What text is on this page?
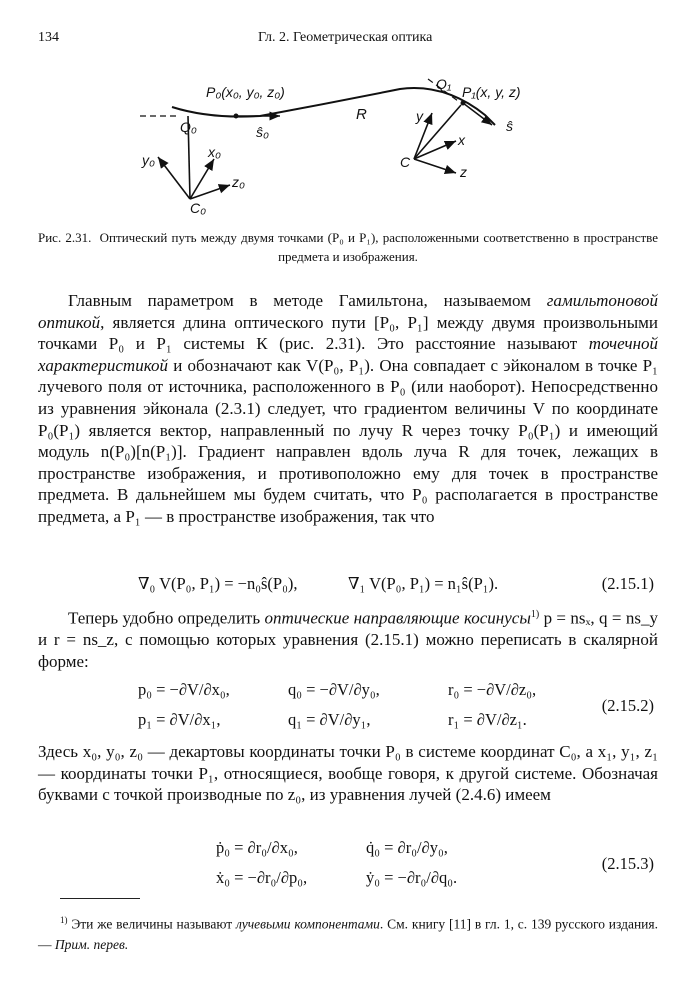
134	Гл. 2. Геометрическая оптика
P₀(x₀, y₀, z₀)
Q₀	ŝ₀
R
Q₁ P₁(x, y, z)
ŝ
y₀	x₀
z₀
C₀
y
x
z
C
Рис. 2.31. Оптический путь между двумя точками (P₀ и P₁), расположенными соответственно в пространстве предмета и изображения.

Главным параметром в методе Гамильтона, называемом гамильтоновой оптикой, является длина оптического пути [P₀, P₁] между двумя произвольными точками P₀ и P₁ системы К (рис. 2.31). Это расстояние называют точечной характеристикой и обозначают как V(P₀, P₁). Она совпадает с эйконалом в точке P₁ лучевого поля от источника, расположенного в P₀ (или наоборот). Непосредственно из уравнения эйконала (2.3.1) следует, что градиентом величины V по координате P₀(P₁) является вектор, направленный по лучу R через точку P₀(P₁) и имеющий модуль n(P₀)[n(P₁)]. Градиент направлен вдоль луча R для точек, лежащих в пространстве изображения, и противоположно ему для точек в пространстве предмета. В дальнейшем мы будем считать, что P₀ располагается в пространстве предмета, а P₁ — в пространстве изображения, так что

∇₀ V(P₀, P₁) = −n₀ŝ(P₀),	∇₁ V(P₀, P₁) = n₁ŝ(P₁).	(2.15.1)

Теперь удобно определить оптические направляющие косинусы$^{1)}$ p = nsₓ, q = ns_y и r = ns_z, с помощью которых уравнения (2.15.1) можно переписать в скалярной форме:

p₀ = −∂V/∂x₀,	q₀ = −∂V/∂y₀,	r₀ = −∂V/∂z₀,
p₁ = ∂V/∂x₁,	q₁ = ∂V/∂y₁,	r₁ = ∂V/∂z₁.
(2.15.2)

Здесь x₀, y₀, z₀ — декартовы координаты точки P₀ в системе координат C₀, а x₁, y₁, z₁ — координаты точки P₁, относящиеся, вообще говоря, к другой системе. Обозначая буквами с точкой производные по z₀, из уравнения лучей (2.4.6) имеем

ṗ₀ = ∂r₀/∂x₀,	q̇₀ = ∂r₀/∂y₀,
ẋ₀ = −∂r₀/∂p₀,	ẏ₀ = −∂r₀/∂q₀.
(2.15.3)
$^{1)}$ Эти же величины называют лучевыми компонентами. См. книгу [11] в гл. 1, с. 139 русского издания. — Прим. перев.
